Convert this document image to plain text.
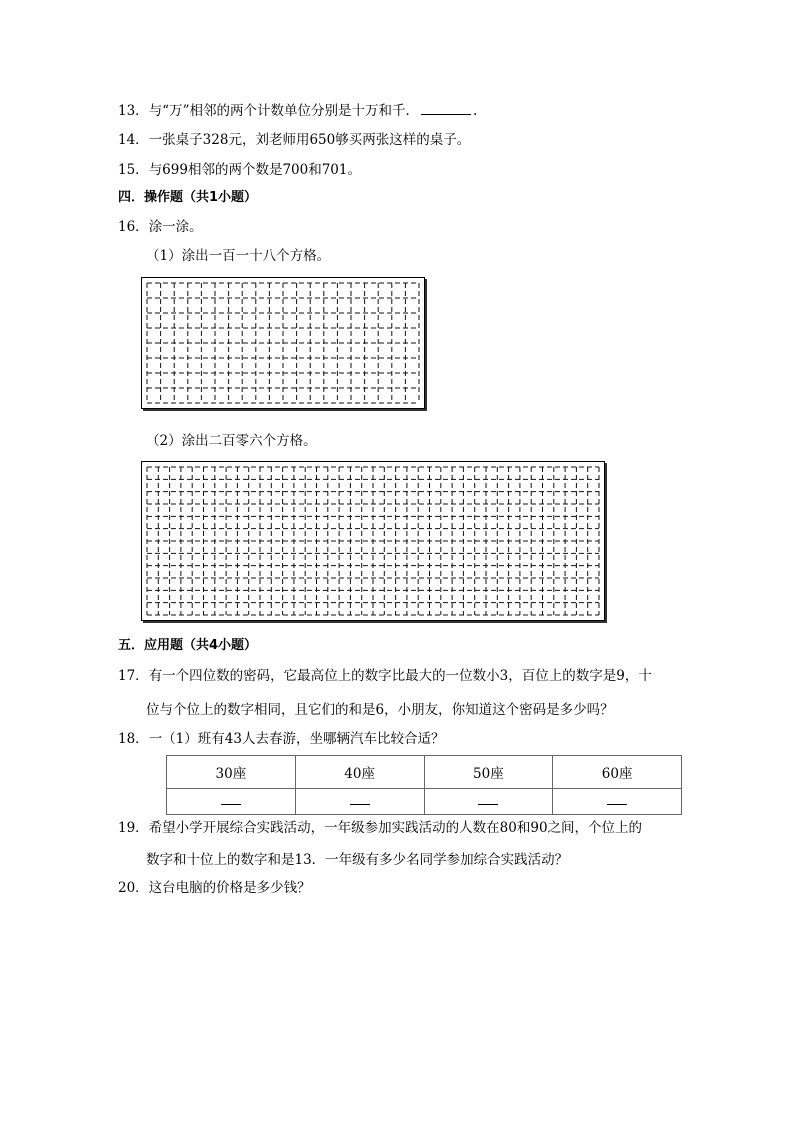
13．与“万”相邻的两个计数单位分别是十万和千．	.
14．一张桌子328元，刘老师用650够买两张这样的桌子。
15．与699相邻的两个数是700和701。
四．操作题（共1小题）
16．涂一涂。
（1）涂出一百一十八个方格。
（2）涂出二百零六个方格。
五．应用题（共4小题）
17．有一个四位数的密码，它最高位上的数字比最大的一位数小3，百位上的数字是9，十
位与个位上的数字相同，且它们的和是6，小朋友，你知道这个密码是多少吗？
18．一（1）班有43人去春游，坐哪辆汽车比较合适？
30座	40座	50座	60座

19．希望小学开展综合实践活动，一年级参加实践活动的人数在80和90之间，个位上的
数字和十位上的数字和是13．一年级有多少名同学参加综合实践活动？
20．这台电脑的价格是多少钱？
